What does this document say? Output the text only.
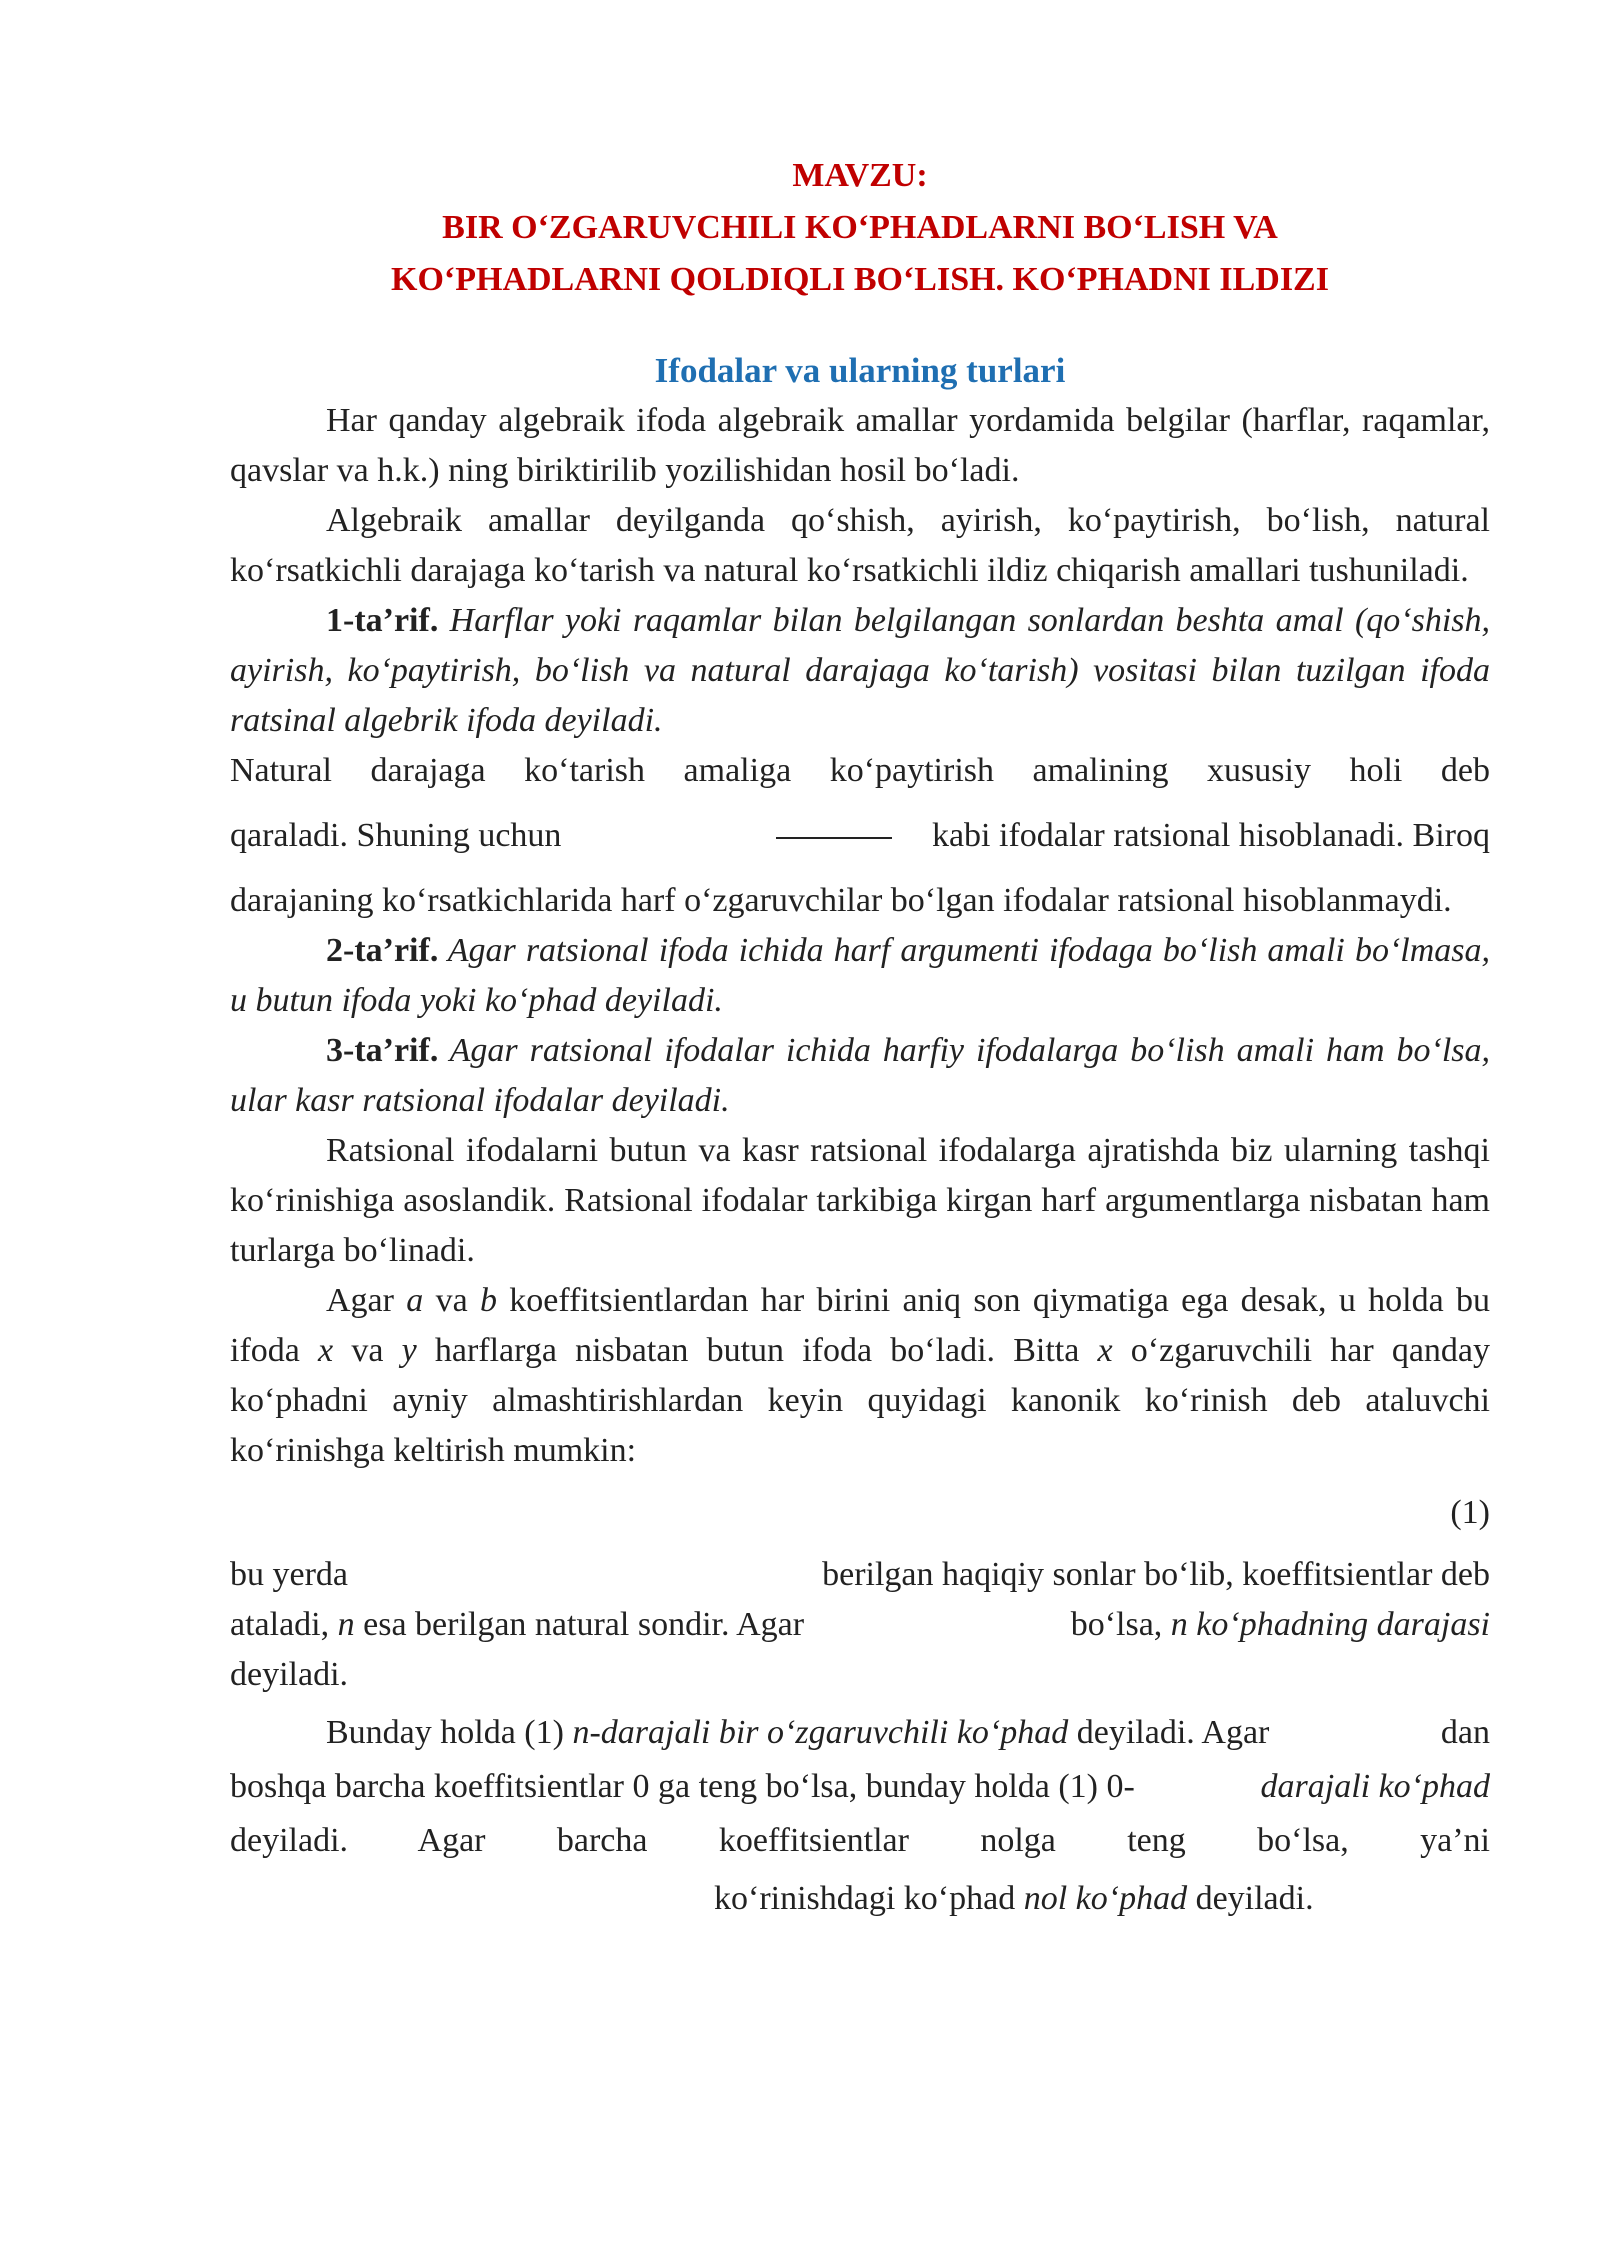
MAVZU:
BIR O‘ZGARUVCHILI KO‘PHADLARNI BO‘LISH VA
KO‘PHADLARNI QOLDIQLI BO‘LISH. KO‘PHADNI ILDIZI
Ifodalar va ularning turlari

Har qanday algebraik ifoda algebraik amallar yordamida belgilar (harflar, raqamlar, qavslar va h.k.) ning biriktirilib yozilishidan hosil bo‘ladi.

Algebraik amallar deyilganda qo‘shish, ayirish, ko‘paytirish, bo‘lish, natural ko‘rsatkichli darajaga ko‘tarish va natural ko‘rsatkichli ildiz chiqarish amallari tushuniladi.

1-ta’rif. Harflar yoki raqamlar bilan belgilangan sonlardan beshta amal (qo‘shish, ayirish, ko‘paytirish, bo‘lish va natural darajaga ko‘tarish) vositasi bilan tuzilgan ifoda ratsinal algebrik ifoda deyiladi.

Natural darajaga ko‘tarish amaliga ko‘paytirish amalining xususiy holi deb
qaraladi. Shuning uchun	kabi ifodalar ratsional hisoblanadi. Biroq

darajaning ko‘rsatkichlarida harf o‘zgaruvchilar bo‘lgan ifodalar ratsional hisoblanmaydi.

2-ta’rif. Agar ratsional ifoda ichida harf argumenti ifodaga bo‘lish amali bo‘lmasa, u butun ifoda yoki ko‘phad deyiladi.

3-ta’rif. Agar ratsional ifodalar ichida harfiy ifodalarga bo‘lish amali ham bo‘lsa, ular kasr ratsional ifodalar deyiladi.

Ratsional ifodalarni butun va kasr ratsional ifodalarga ajratishda biz ularning tashqi ko‘rinishiga asoslandik. Ratsional ifodalar tarkibiga kirgan harf argumentlarga nisbatan ham turlarga bo‘linadi.

Agar a va b koeffitsientlardan har birini aniq son qiymatiga ega desak, u holda bu ifoda x va y harflarga nisbatan butun ifoda bo‘ladi. Bitta x o‘zgaruvchili har qanday ko‘phadni ayniy almashtirishlardan keyin quyidagi kanonik ko‘rinish deb ataluvchi ko‘rinishga keltirish mumkin:

(1)
bu yerda	berilgan haqiqiy sonlar bo‘lib, koeffitsientlar deb
ataladi, n esa berilgan natural sondir. Agar	bo‘lsa, n ko‘phadning darajasi
deyiladi.
Bunday holda (1) n-darajali bir o‘zgaruvchili ko‘phad deyiladi. Agar	dan
boshqa barcha koeffitsientlar 0 ga teng bo‘lsa, bunday holda (1) 0-	darajali ko‘phad
deyiladi. Agar barcha koeffitsientlar nolga teng bo‘lsa, ya’ni
ko‘rinishdagi ko‘phad nol ko‘phad deyiladi.
